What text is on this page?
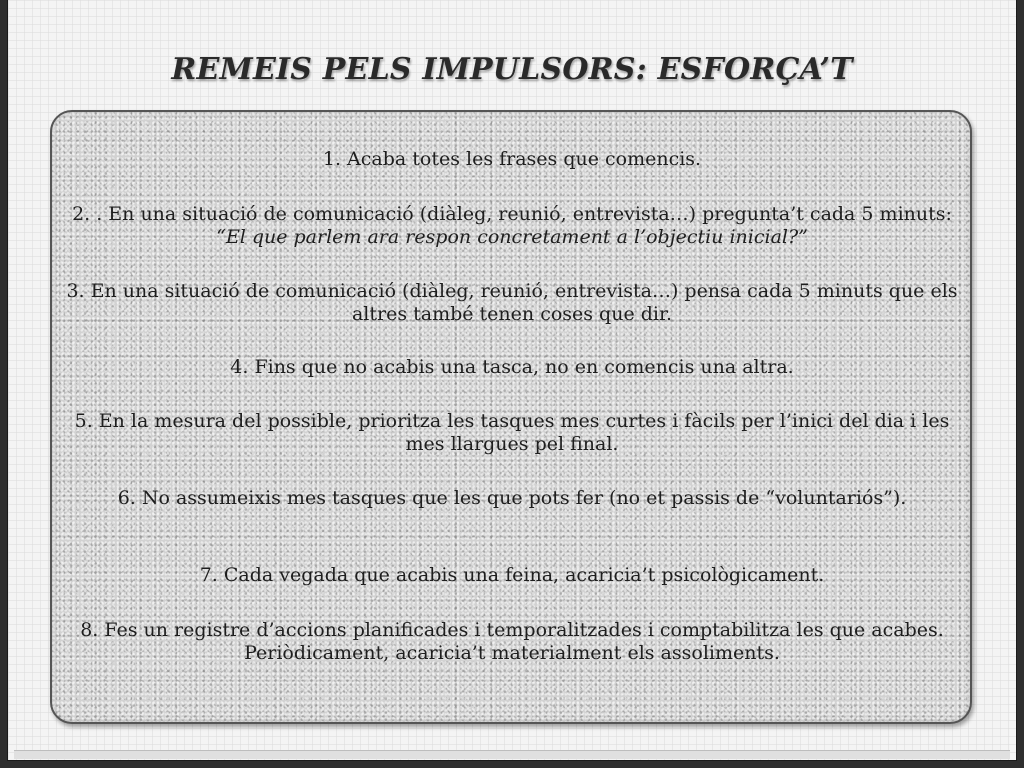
REMEIS PELS IMPULSORS: ESFORÇA’T
1. Acaba totes les frases que comencis.
2. . En una situació de comunicació (diàleg, reunió, entrevista…) pregunta’t cada 5 minuts: “El que parlem ara respon concretament a l’objectiu inicial?”
3. En una situació de comunicació (diàleg, reunió, entrevista…) pensa cada 5 minuts que els altres també tenen coses que dir.
4. Fins que no acabis una tasca, no en comencis una altra.
5. En la mesura del possible, prioritza les tasques mes curtes i fàcils per l’inici del dia i les mes llargues pel final.
6. No assumeixis mes tasques que les que pots fer (no et passis de “voluntariós”).
7. Cada vegada que acabis una feina, acaricia’t psicològicament.
8. Fes un registre d’accions planificades i temporalitzades i comptabilitza les que acabes. Periòdicament, acaricia’t materialment els assoliments.
